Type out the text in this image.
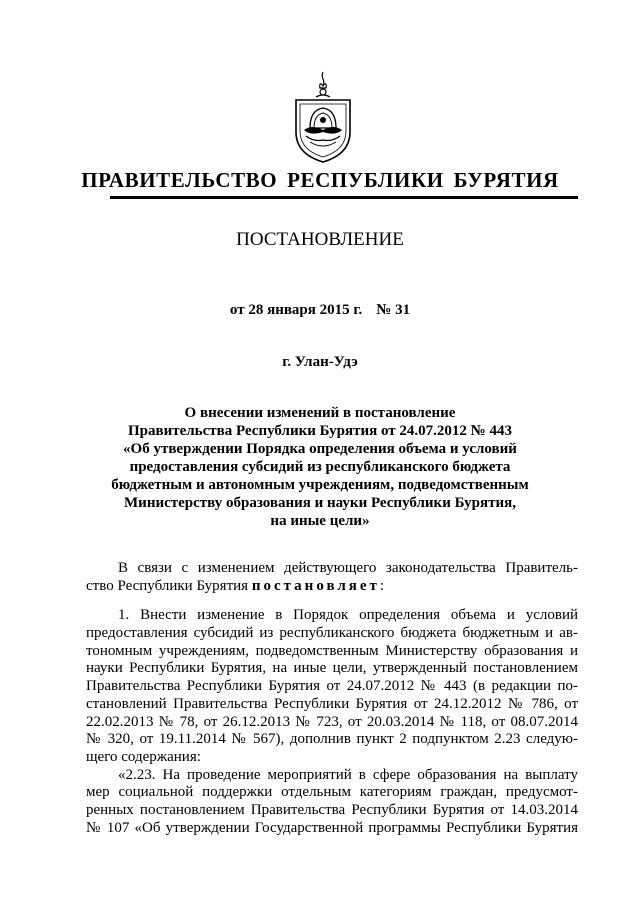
ПРАВИТЕЛЬСТВО РЕСПУБЛИКИ БУРЯТИЯ
ПОСТАНОВЛЕНИЕ
от 28 января 2015 г. № 31
г. Улан-Удэ
О внесении изменений в постановление
Правительства Республики Бурятия от 24.07.2012 № 443
«Об утверждении Порядка определения объема и условий
предоставления субсидий из республиканского бюджета
бюджетным и автономным учреждениям, подведомственным
Министерству образования и науки Республики Бурятия,
на иные цели»
В связи с изменением действующего законодательства Правитель-
ство Республики Бурятия постановляет:
1. Внести изменение в Порядок определения объема и условий
предоставления субсидий из республиканского бюджета бюджетным и ав-
тономным учреждениям, подведомственным Министерству образования и
науки Республики Бурятия, на иные цели, утвержденный постановлением
Правительства Республики Бурятия от 24.07.2012 № 443 (в редакции по-
становлений Правительства Республики Бурятия от 24.12.2012 № 786, от
22.02.2013 № 78, от 26.12.2013 № 723, от 20.03.2014 № 118, от 08.07.2014
№ 320, от 19.11.2014 № 567), дополнив пункт 2 подпунктом 2.23 следую-
щего содержания:
«2.23. На проведение мероприятий в сфере образования на выплату
мер социальной поддержки отдельным категориям граждан, предусмот-
ренных постановлением Правительства Республики Бурятия от 14.03.2014
№ 107 «Об утверждении Государственной программы Республики Бурятия
